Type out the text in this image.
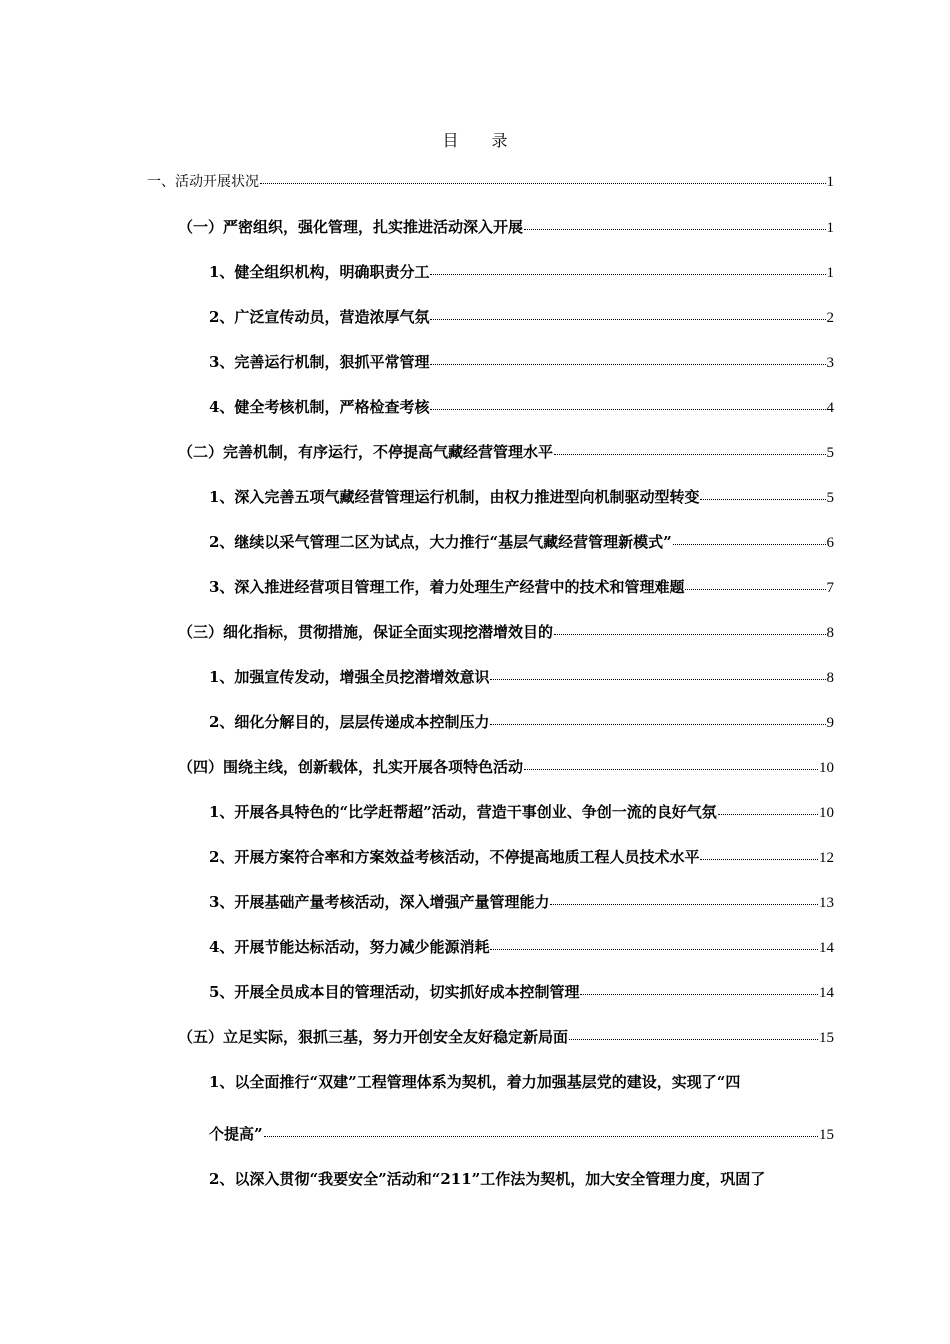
目 录
一、活动开展状况	1
（一）严密组织，强化管理，扎实推进活动深入开展	1
1、健全组织机构，明确职责分工	1
2、广泛宣传动员，营造浓厚气氛	2
3、完善运行机制，狠抓平常管理	3
4、健全考核机制，严格检查考核	4
（二）完善机制，有序运行，不停提高气藏经营管理水平	5
1、深入完善五项气藏经营管理运行机制，由权力推进型向机制驱动型转变	5
2、继续以采气管理二区为试点，大力推行“基层气藏经营管理新模式”	6
3、深入推进经营项目管理工作，着力处理生产经营中的技术和管理难题	7
（三）细化指标，贯彻措施，保证全面实现挖潜增效目的	8
1、加强宣传发动，增强全员挖潜增效意识	8
2、细化分解目的，层层传递成本控制压力	9
（四）围绕主线，创新载体，扎实开展各项特色活动	10
1、开展各具特色的“比学赶帮超”活动，营造干事创业、争创一流的良好气氛	10
2、开展方案符合率和方案效益考核活动，不停提高地质工程人员技术水平	12
3、开展基础产量考核活动，深入增强产量管理能力	13
4、开展节能达标活动，努力减少能源消耗	14
5、开展全员成本目的管理活动，切实抓好成本控制管理	14
（五）立足实际，狠抓三基，努力开创安全友好稳定新局面	15
1、以全面推行“双建”工程管理体系为契机，着力加强基层党的建设，实现了“四
个提高”	15
2、以深入贯彻“我要安全”活动和“211”工作法为契机，加大安全管理力度，巩固了
